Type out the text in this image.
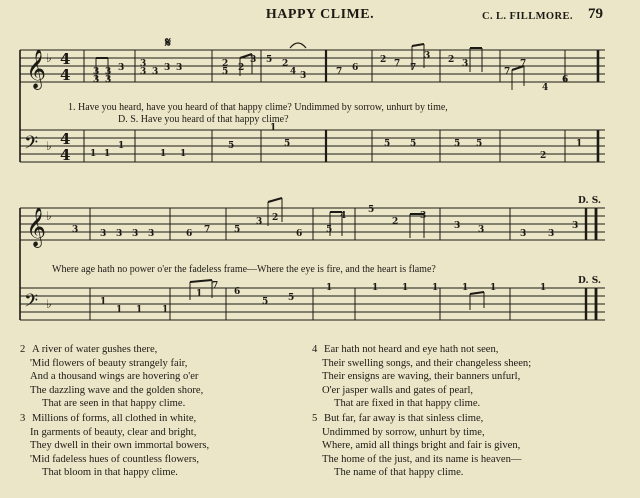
HAPPY CLIME.	C. L. FILLMORE. 79
𝄞
𝄞
𝄢
𝄢
♭
♭
♭
♭
4
4
4
4
𝄋
D. S.
D. S.
3
3
3
3
3 3
3 3 3 3	2
5 2
3 5 2
4 3	7 6
2 7 7
3 2 3
7
7
4
6
1 1
1
1 1
5
1
5	5 5	5 5
2
1
3 3 3 3 3	6 7	5
3 2
6	5
4
5
2
3
3 3	3 3
3
1
1 1 1
1
7
6
5 5
1	1	1	1	1 1	1
1. Have you heard, have you heard of that happy clime? Undimmed by sorrow, unhurt by time,
D. S. Have you heard of that happy clime?
Where age hath no power o'er the fadeless frame—Where the eye is fire, and the heart is flame?
2 A river of water gushes there,
'Mid flowers of beauty strangely fair,
And a thousand wings are hovering o'er
The dazzling wave and the golden shore,
That are seen in that happy clime.
3 Millions of forms, all clothed in white,
In garments of beauty, clear and bright,
They dwell in their own immortal bowers,
'Mid fadeless hues of countless flowers,
That bloom in that happy clime.
4 Ear hath not heard and eye hath not seen,
Their swelling songs, and their changeless sheen;
Their ensigns are waving, their banners unfurl,
O'er jasper walls and gates of pearl,
That are fixed in that happy clime.
5 But far, far away is that sinless clime,
Undimmed by sorrow, unhurt by time,
Where, amid all things bright and fair is given,
The home of the just, and its name is heaven—
The name of that happy clime.
